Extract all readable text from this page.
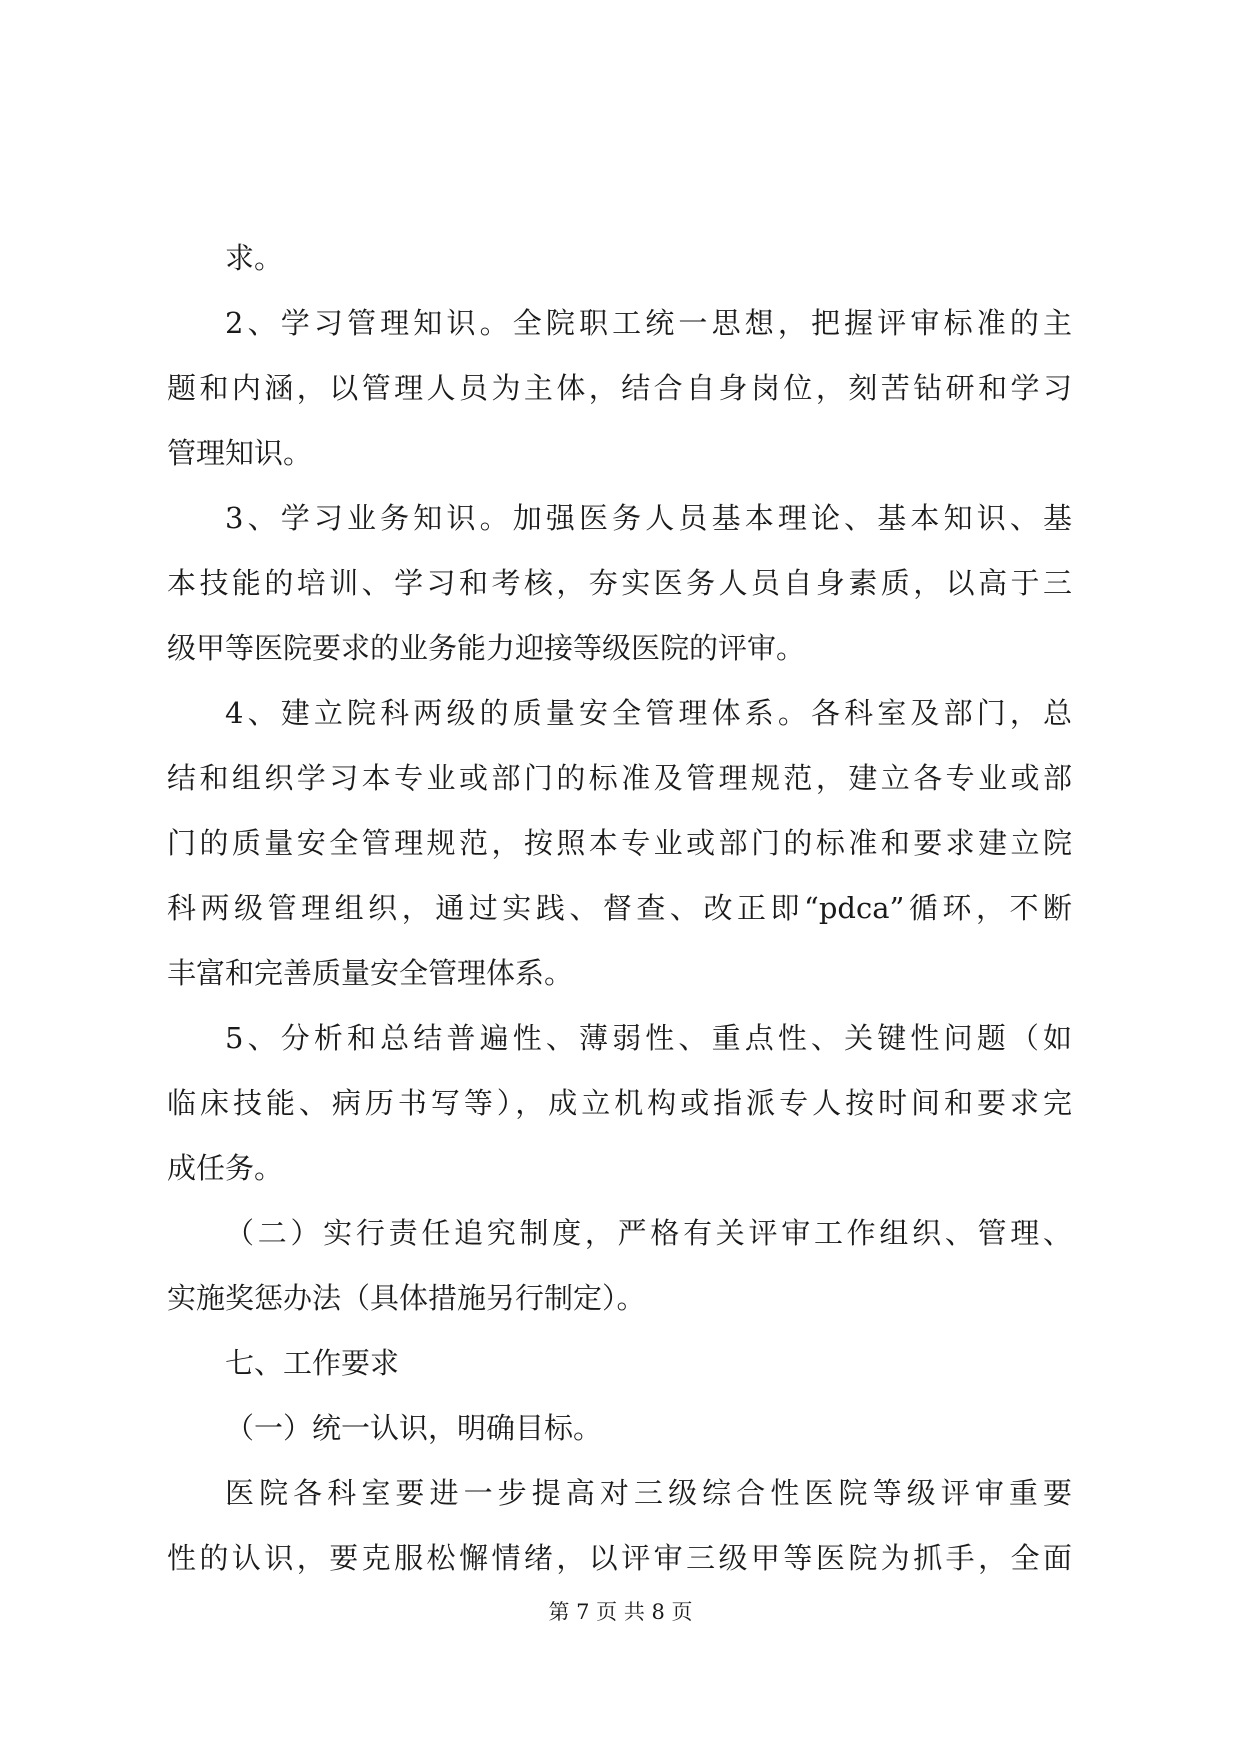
求。
2、学习管理知识。全院职工统一思想，把握评审标准的主
题和内涵，以管理人员为主体，结合自身岗位，刻苦钻研和学习
管理知识。
3、学习业务知识。加强医务人员基本理论、基本知识、基
本技能的培训、学习和考核，夯实医务人员自身素质，以高于三
级甲等医院要求的业务能力迎接等级医院的评审。
4、建立院科两级的质量安全管理体系。各科室及部门，总
结和组织学习本专业或部门的标准及管理规范，建立各专业或部
门的质量安全管理规范，按照本专业或部门的标准和要求建立院
科两级管理组织，通过实践、督查、改正即“pdca”循环，不断
丰富和完善质量安全管理体系。
5、分析和总结普遍性、薄弱性、重点性、关键性问题（如
临床技能、病历书写等），成立机构或指派专人按时间和要求完
成任务。
（二）实行责任追究制度，严格有关评审工作组织、管理、
实施奖惩办法（具体措施另行制定）。
七、工作要求
（一）统一认识，明确目标。
医院各科室要进一步提高对三级综合性医院等级评审重要
性的认识，要克服松懈情绪，以评审三级甲等医院为抓手，全面
第 7 页 共 8 页
